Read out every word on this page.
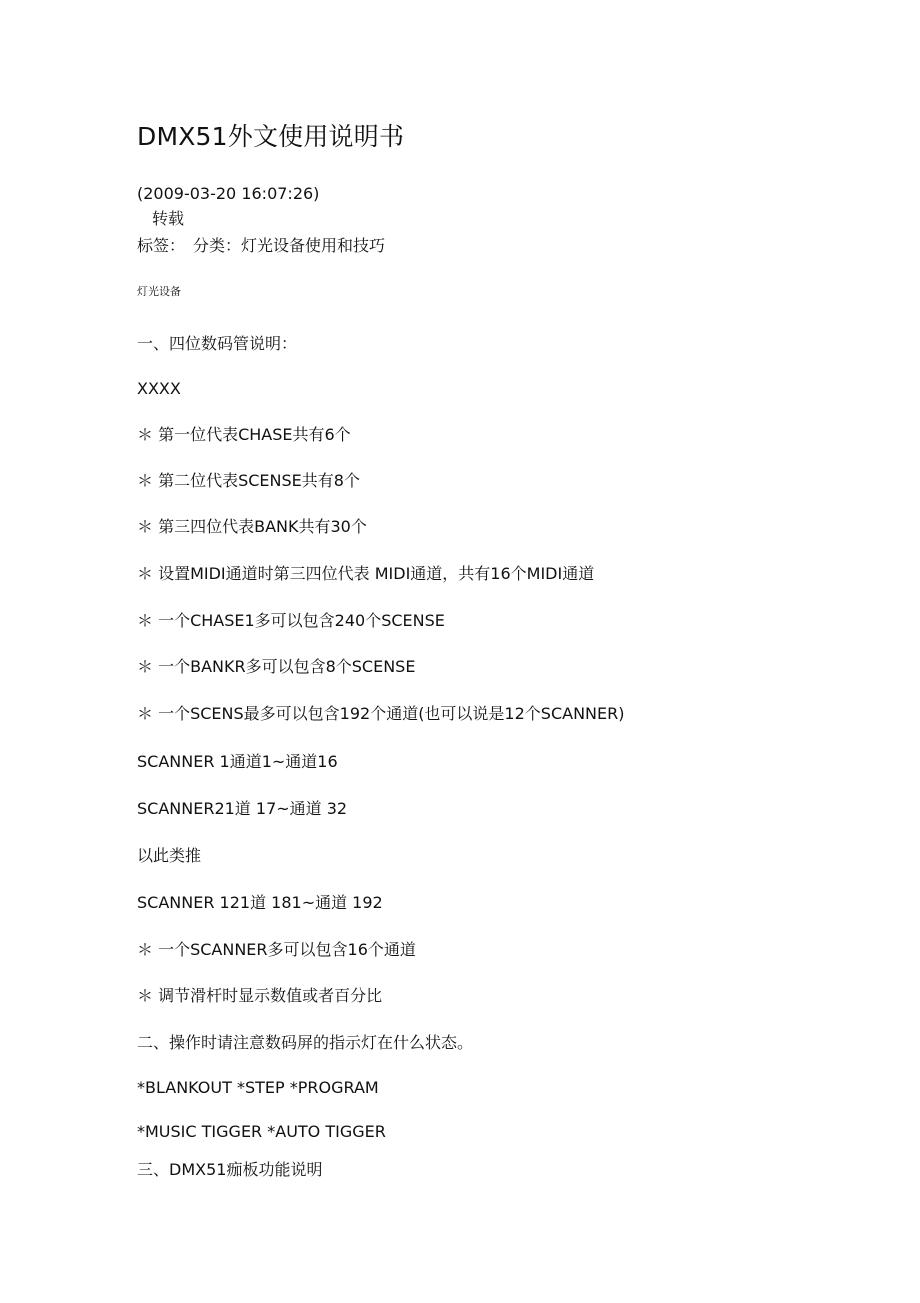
DMX51外文使用说明书
(2009-03-20 16:07:26)
转载
标签：　分类：灯光设备使用和技巧
灯光设备
一、四位数码管说明：
XXXX
＊ 第一位代表CHASE共有6个
＊ 第二位代表SCENSE共有8个
＊ 第三四位代表BANK共有30个
＊ 设置MIDI通道时第三四位代表 MIDI通道，共有16个MIDI通道
＊ 一个CHASE1多可以包含240个SCENSE
＊ 一个BANKR多可以包含8个SCENSE
＊ 一个SCENS最多可以包含192个通道(也可以说是12个SCANNER)
SCANNER 1通道1~通道16
SCANNER21道 17~通道 32
以此类推
SCANNER 121道 181~通道 192
＊ 一个SCANNER多可以包含16个通道
＊ 调节滑杆时显示数值或者百分比
二、操作时请注意数码屏的指示灯在什么状态。
*BLANKOUT *STEP *PROGRAM
*MUSIC TIGGER *AUTO TIGGER
三、DMX51痂板功能说明
